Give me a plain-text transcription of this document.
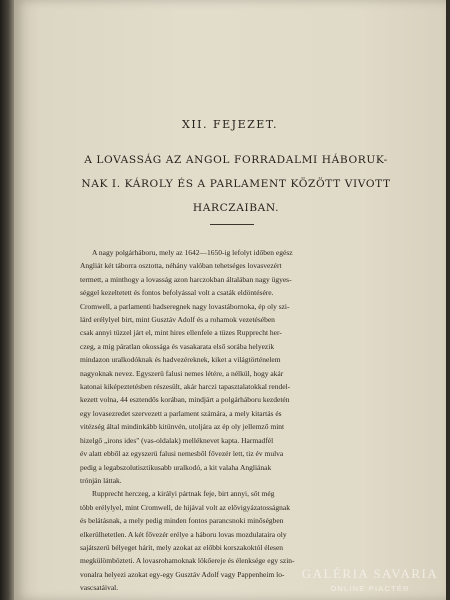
XII. FEJEZET.
A LOVASSÁG AZ ANGOL FORRADALMI HÁBORUK-
NAK I. KÁROLY ÉS A PARLAMENT KÖZÖTT VIVOTT
HARCZAIBAN.
A nagy polgárháboru, mely az 1642—1650-ig lefolyt időben egész
Angliát két táborra osztotta, néhány valóban tehetséges lovasvezért
termett, a minthogy a lovasság azon harczokban általában nagy ügyes-
séggel kezeltetett és fontos befolyással volt a csaták eldöntésére.
Cromwell, a parlamenti hadseregnek nagy lovastábornoka, ép oly szi-
lárd erélylyel birt, mint Gusztáv Adolf és a rohamok vezetésében
csak annyi tüzzel járt el, mint hires ellenfele a tüzes Rupprecht her-
czeg, a mig páratlan okossága és vasakarata első sorába helyezik
mindazon uralkodóknak és hadvezéreknek, kiket a világtörténelem
nagyoknak nevez. Egyszerü falusi nemes létére, a nélkül, hogy akár
katonai kiképeztetésben részesült, akár harczi tapasztalatokkal rendel-
kezett volna, 44 esztendős korában, mindjárt a polgárháboru kezdetén
egy lovasezredet szervezett a parlament számára, a mely kitartás és
vitézség által mindinkább kitünvén, utoljára az ép oly jellemző mint
hizelgő „irons ides" (vas-oldalak) melléknevet kapta. Harmadfél
év alatt ebből az egyszerü falusi nemesből fővezér lett, tiz év mulva
pedig a legabszolutisztikusabb uralkodó, a kit valaha Angliának
trónján láttak.
Rupprecht herczeg, a királyi pártnak feje, birt annyi, sőt még
több erélylyel, mint Cromwell, de hijával volt az elővigyázatosságnak
és belátásnak, a mely pedig minden fontos parancsnoki minőségben
elkerülhetetlen. A két fővezér erélye a háboru lovas mozdulataira oly
sajátszerü bélyeget hárít, mely azokat az előbbi korszakoktól élesen
megkülömbözteti. A lovasrohamoknak lökőereje és élenksége egy szin-
vonalra helyezi azokat egy-egy Gusztáv Adolf vagy Pappenheim lo-
vascsatáival.
GALÉRIA SAVARIA
ONLINE PIACTÉR
